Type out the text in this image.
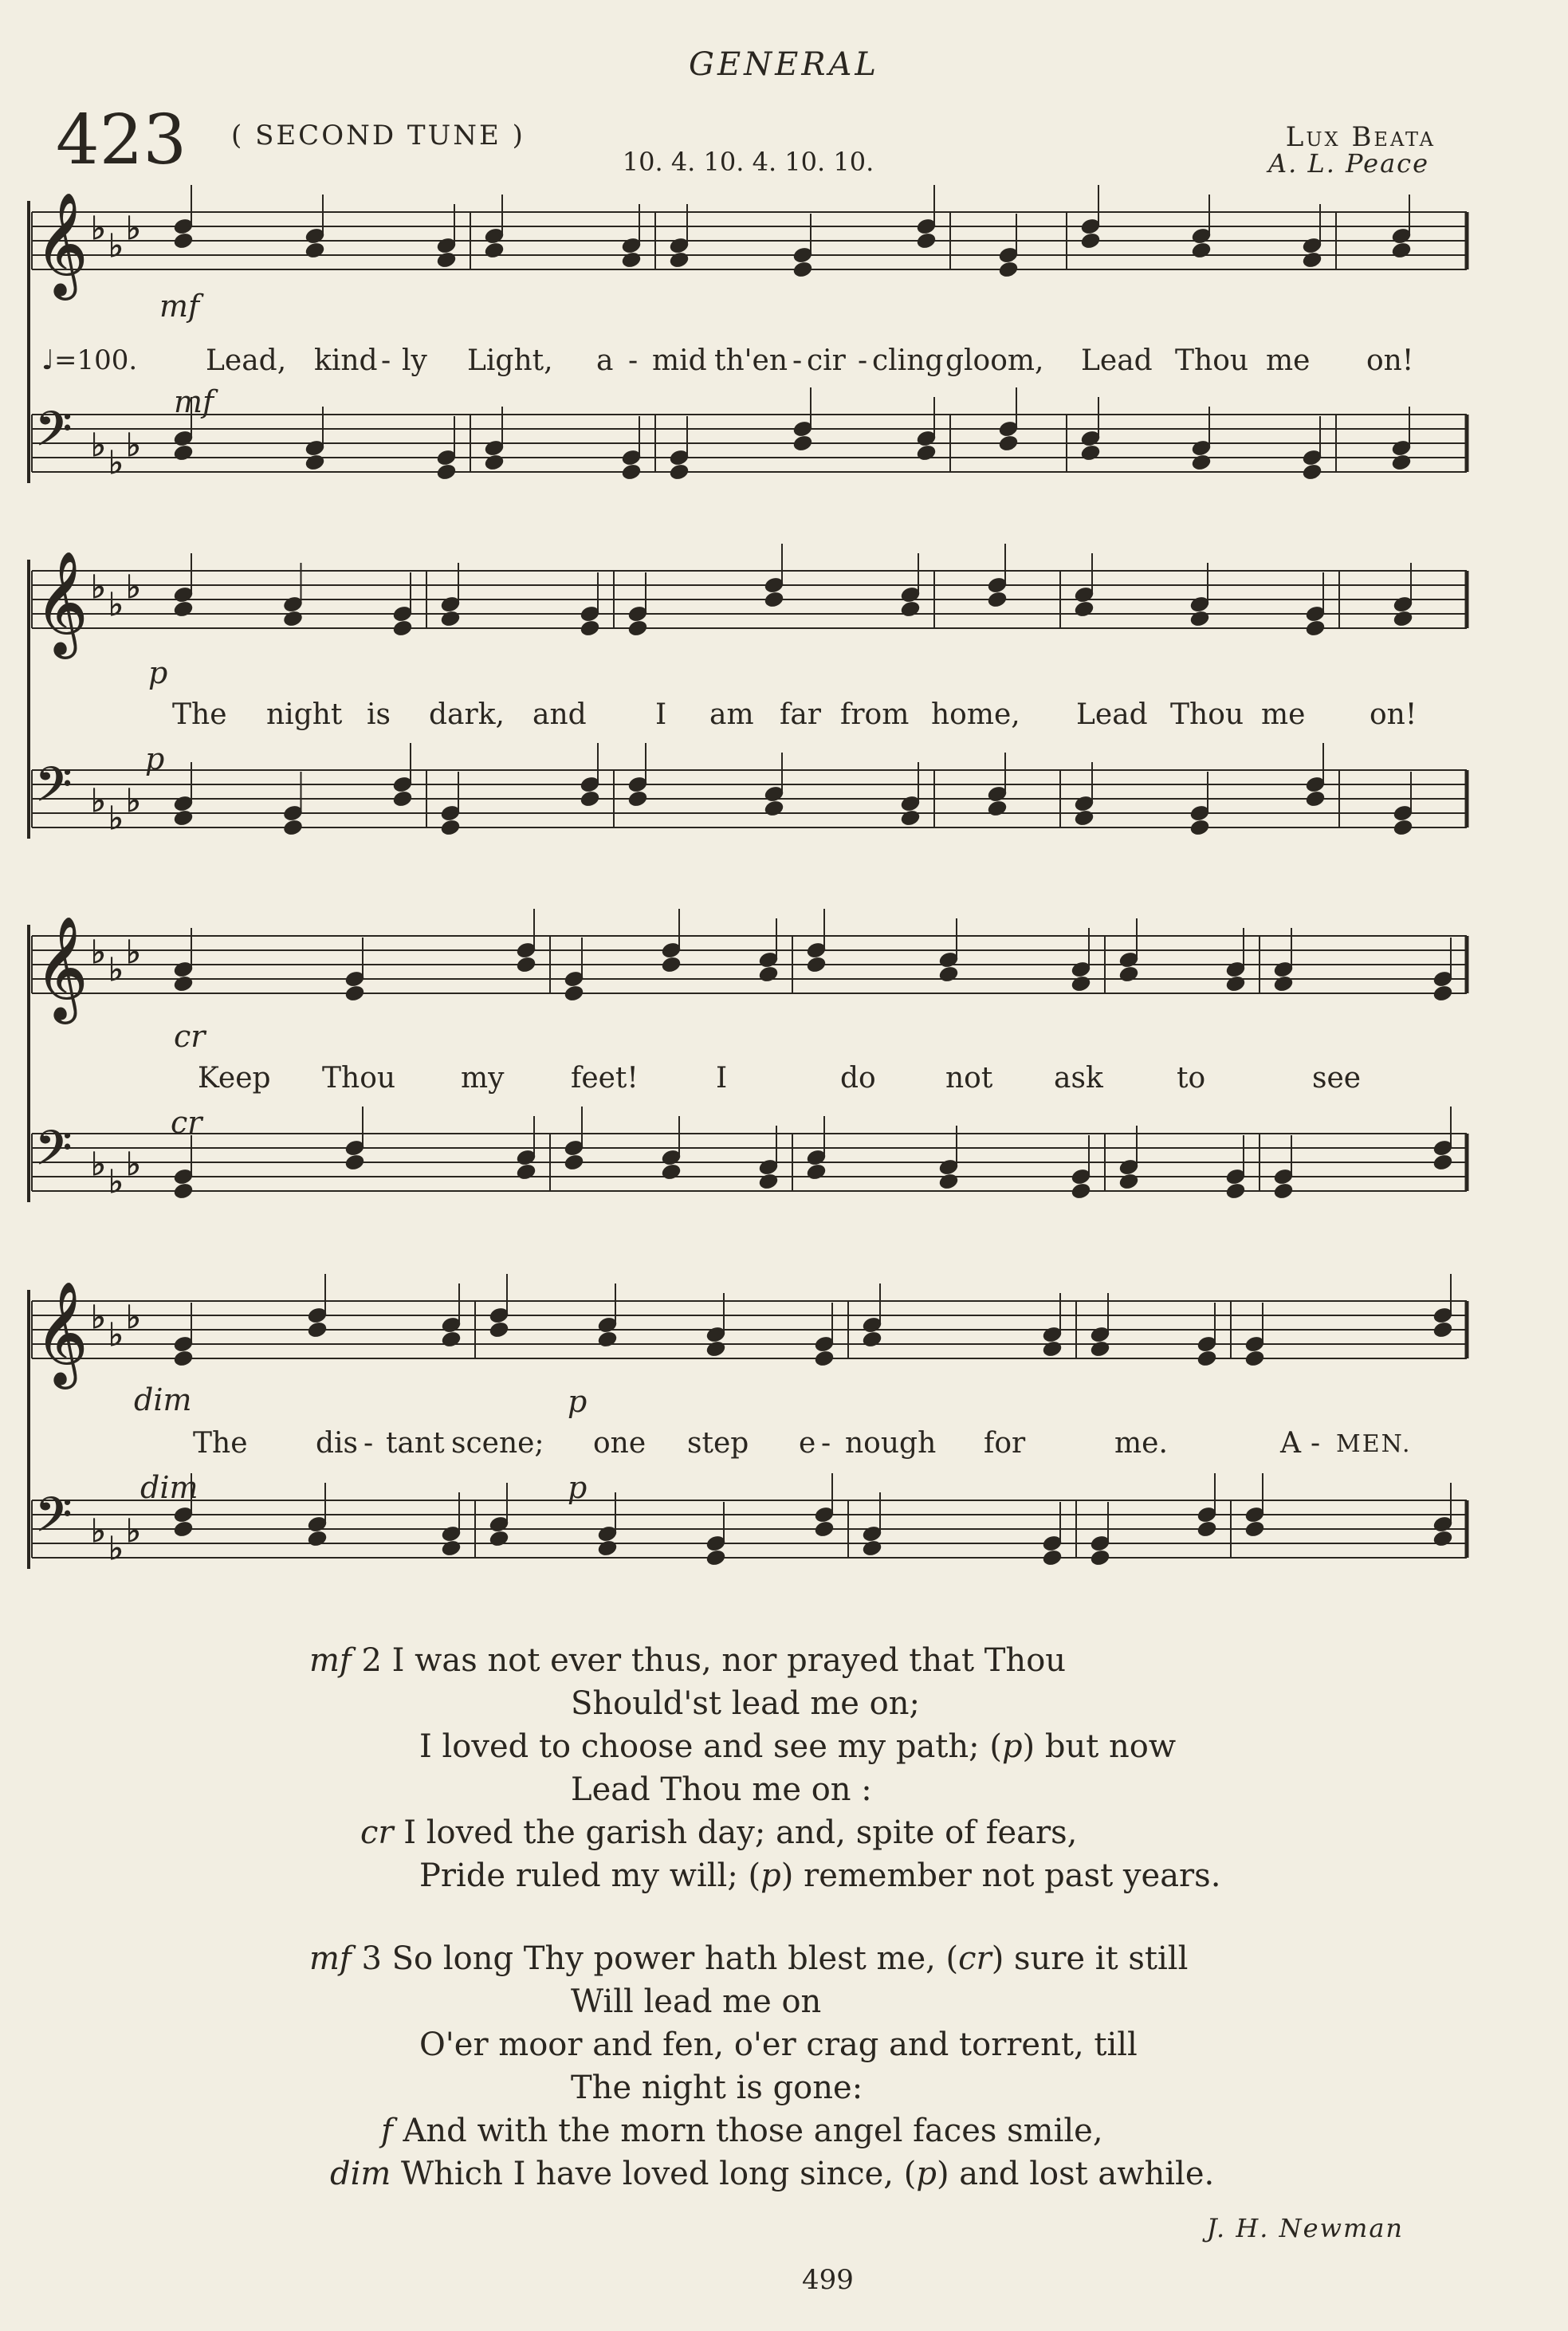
GENERAL
423 ( SECOND TUNE )
10. 4. 10. 4. 10. 10.
Lux Beata
A. L. Peace
𝄞 ♭ ♭ ♭
𝄢 ♭ ♭ ♭
𝄞 ♭ ♭ ♭
𝄢 ♭ ♭ ♭
𝄞 ♭ ♭ ♭
𝄢 ♭ ♭ ♭
𝄞 ♭ ♭ ♭
𝄢 ♭ ♭ ♭
♩=100.
mf
mf
p
p
cr
cr
dim	p
dim	p
Lead, kind - ly Light, a - mid th'en - cir - cling gloom, Lead Thou me on!
The night is dark, and I am far from home, Lead Thou me on!
Keep Thou my feet!	I	do not ask	to	see
The dis - tant scene; one step e - nough for	me.	A - MEN.
mf 2 I was not ever thus, nor prayed that Thou
Should'st lead me on;
I loved to choose and see my path; (p) but now
Lead Thou me on :
cr I loved the garish day; and, spite of fears,
Pride ruled my will; (p) remember not past years.
mf 3 So long Thy power hath blest me, (cr) sure it still
Will lead me on
O'er moor and fen, o'er crag and torrent, till
The night is gone:
f And with the morn those angel faces smile,
dim Which I have loved long since, (p) and lost awhile.
J. H. Newman
499
